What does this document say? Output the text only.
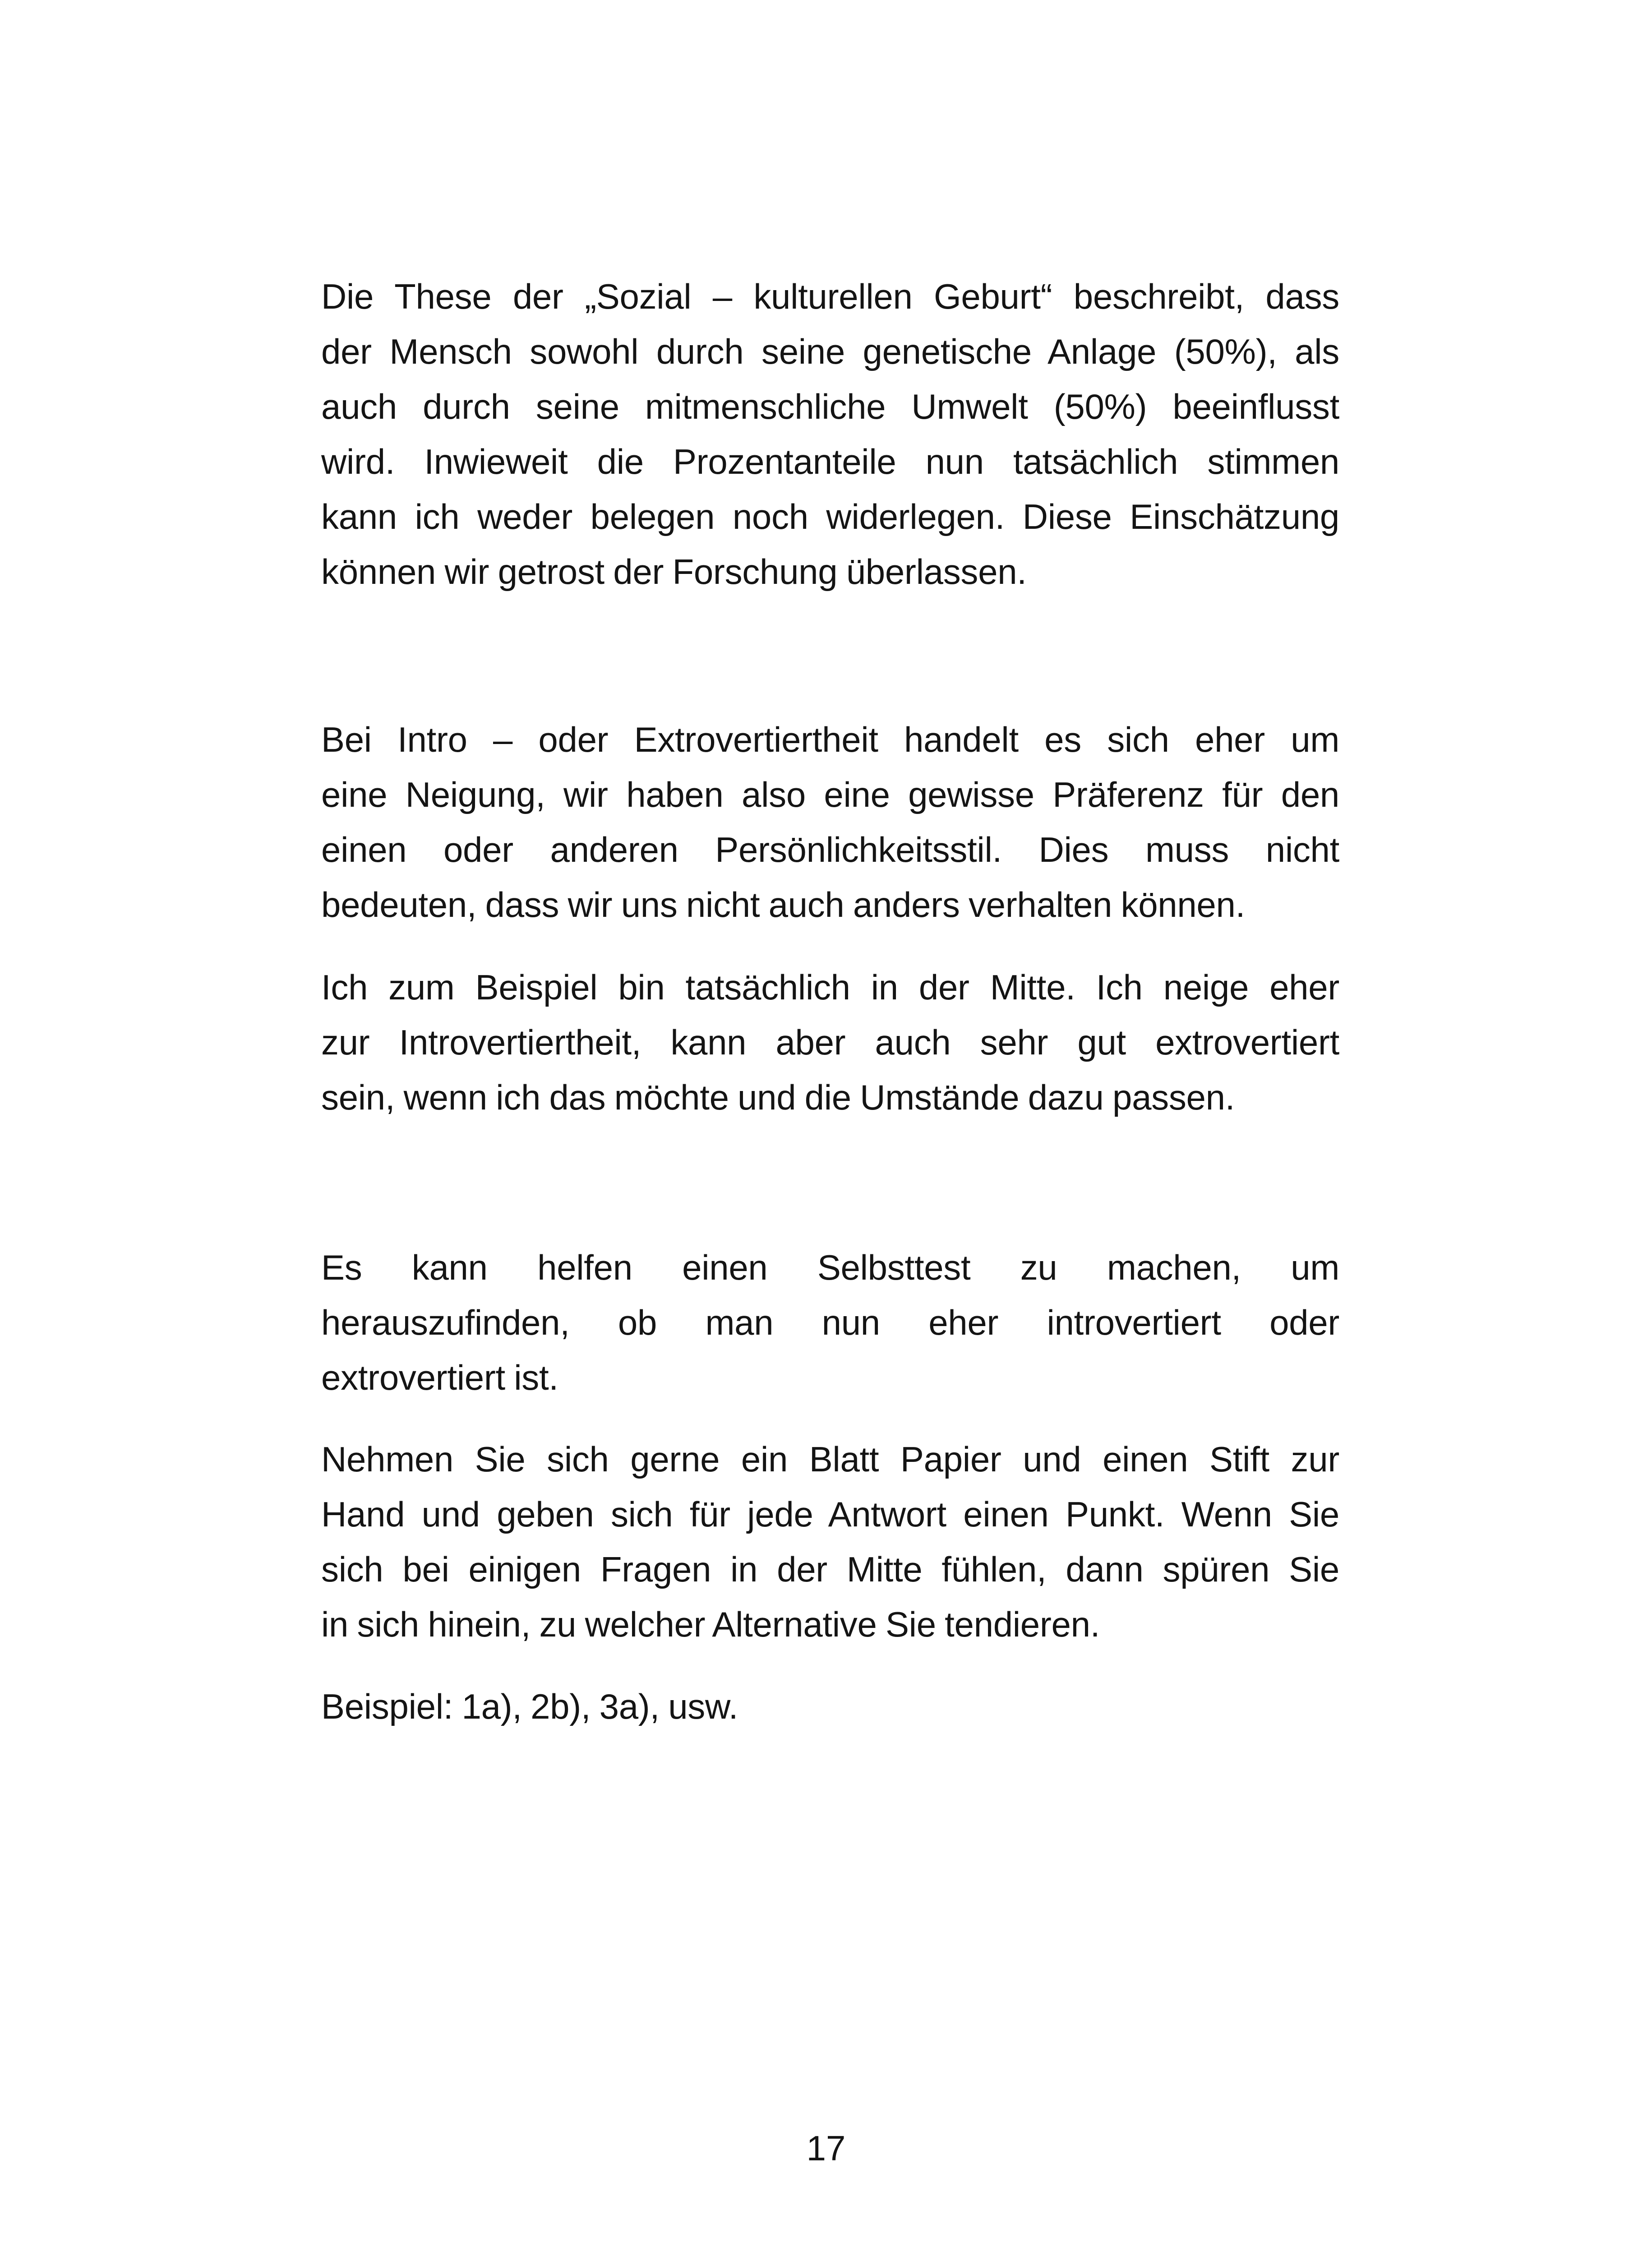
Die These der „Sozial – kulturellen Geburt“ beschreibt, dass
der Mensch sowohl durch seine genetische Anlage (50%), als
auch durch seine mitmenschliche Umwelt (50%) beeinflusst
wird. Inwieweit die Prozentanteile nun tatsächlich stimmen
kann ich weder belegen noch widerlegen. Diese Einschätzung
können wir getrost der Forschung überlassen.

Bei Intro – oder Extrovertiertheit handelt es sich eher um
eine Neigung, wir haben also eine gewisse Präferenz für den
einen oder anderen Persönlichkeitsstil. Dies muss nicht
bedeuten, dass wir uns nicht auch anders verhalten können.

Ich zum Beispiel bin tatsächlich in der Mitte. Ich neige eher
zur Introvertiertheit, kann aber auch sehr gut extrovertiert
sein, wenn ich das möchte und die Umstände dazu passen.

Es kann helfen einen Selbsttest zu machen, um
herauszufinden, ob man nun eher introvertiert oder
extrovertiert ist.

Nehmen Sie sich gerne ein Blatt Papier und einen Stift zur
Hand und geben sich für jede Antwort einen Punkt. Wenn Sie
sich bei einigen Fragen in der Mitte fühlen, dann spüren Sie
in sich hinein, zu welcher Alternative Sie tendieren.

Beispiel: 1a), 2b), 3a), usw.

17
